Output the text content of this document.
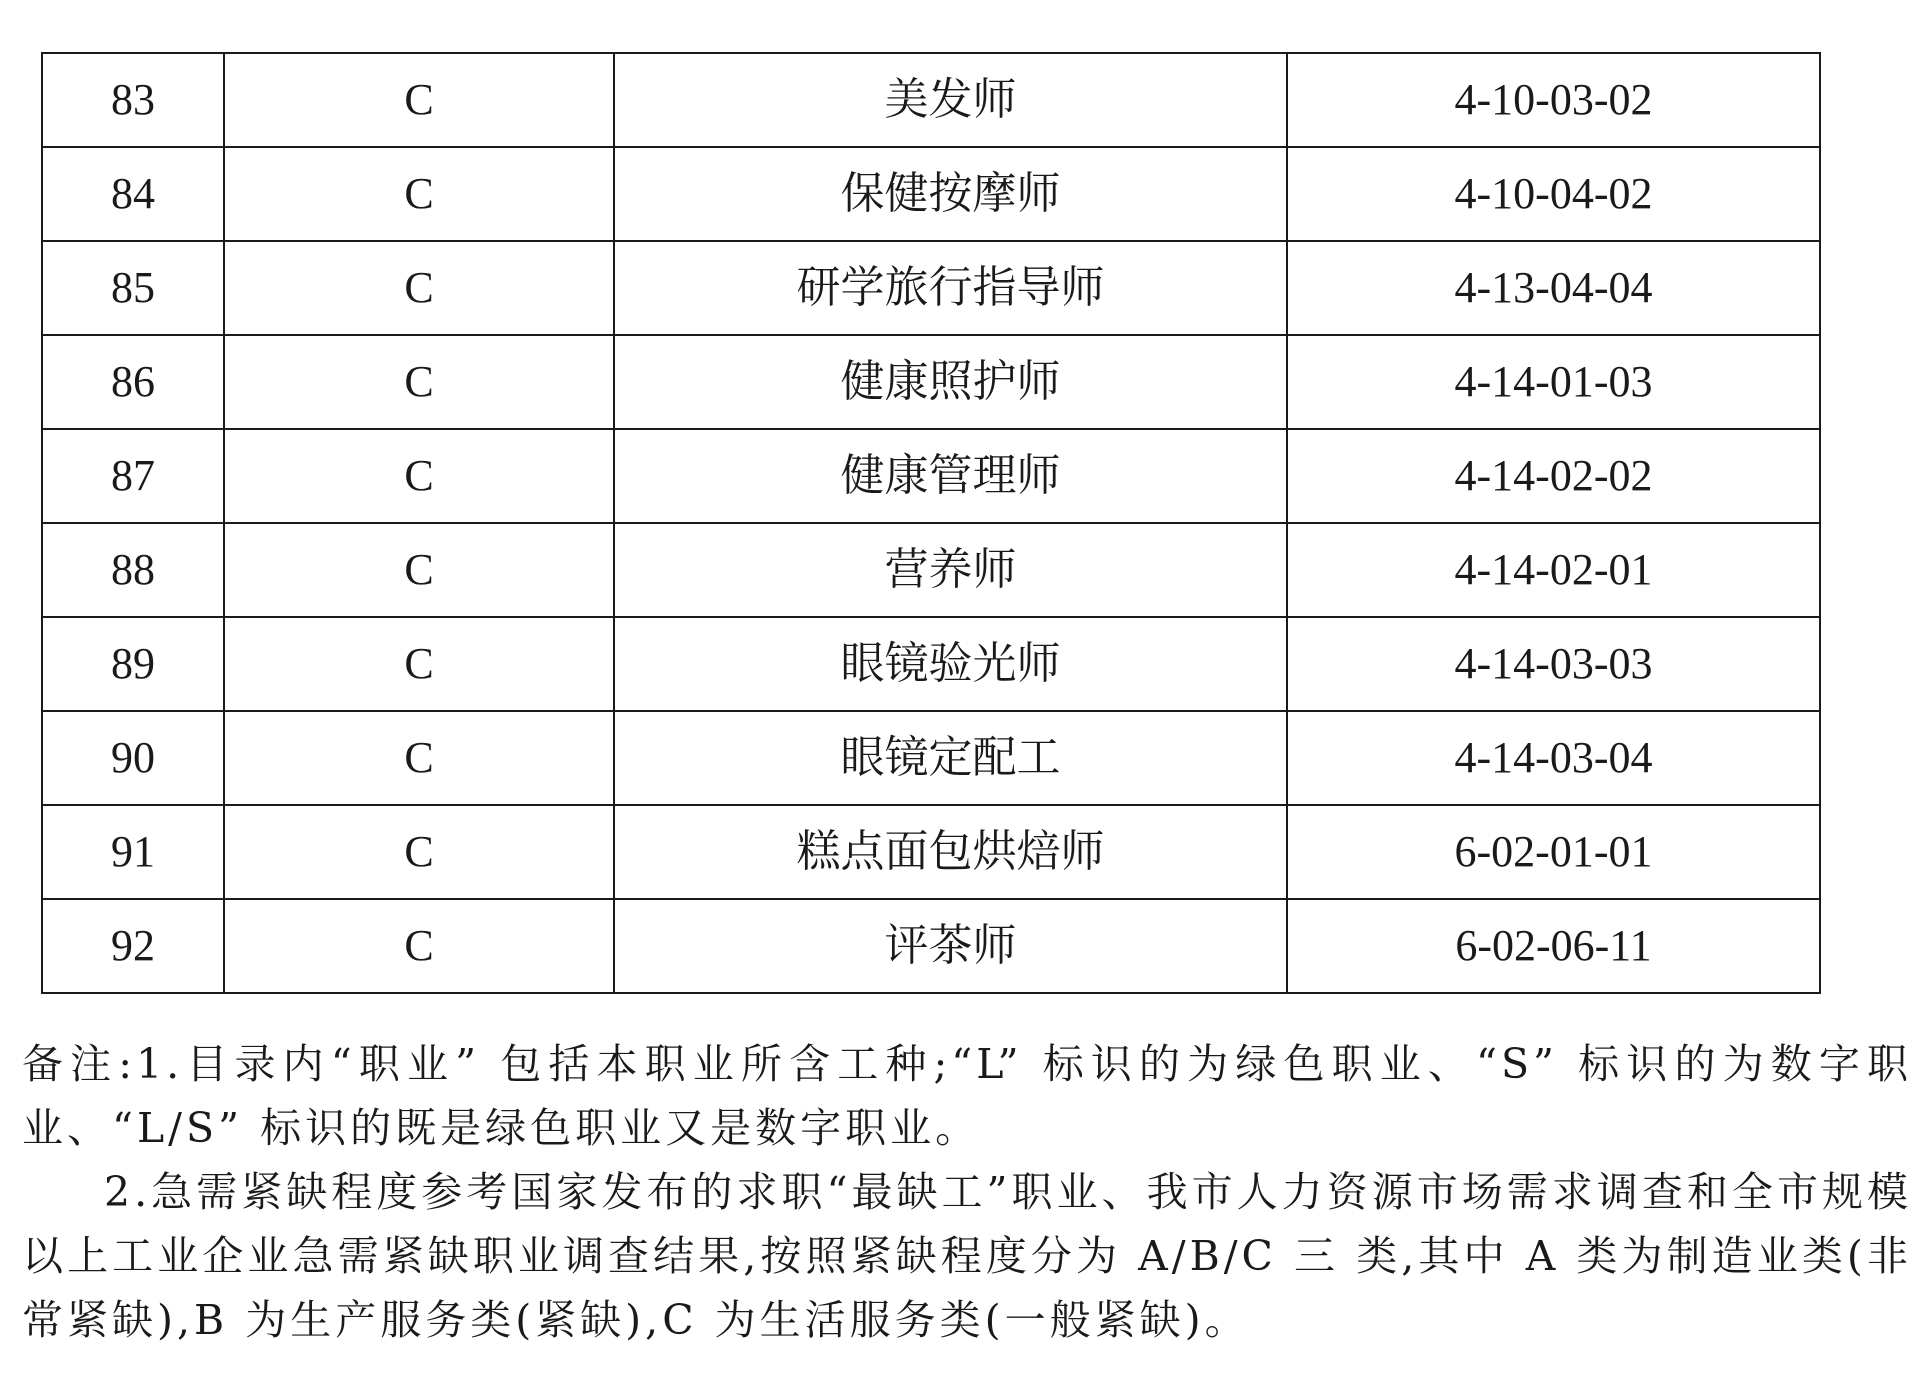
83	C	美发师	4-10-03-02
84	C	保健按摩师	4-10-04-02
85	C	研学旅行指导师	4-13-04-04
86	C	健康照护师	4-14-01-03
87	C	健康管理师	4-14-02-02
88	C	营养师	4-14-02-01
89	C	眼镜验光师	4-14-03-03
90	C	眼镜定配工	4-14-03-04
91	C	糕点面包烘焙师	6-02-01-01
92	C	评茶师	6-02-06-11

备注:1.目录内“职业” 包括本职业所含工种;“L” 标识的为绿色职业、“S” 标识的为数字职业、“L/S” 标识的既是绿色职业又是数字职业。

2.急需紧缺程度参考国家发布的求职“最缺工”职业、我市人力资源市场需求调查和全市规模以上工业企业急需紧缺职业调查结果,按照紧缺程度分为 A/B/C 三 类,其中 A 类为制造业类(非常紧缺),B 为生产服务类(紧缺),C 为生活服务类(一般紧缺)。
